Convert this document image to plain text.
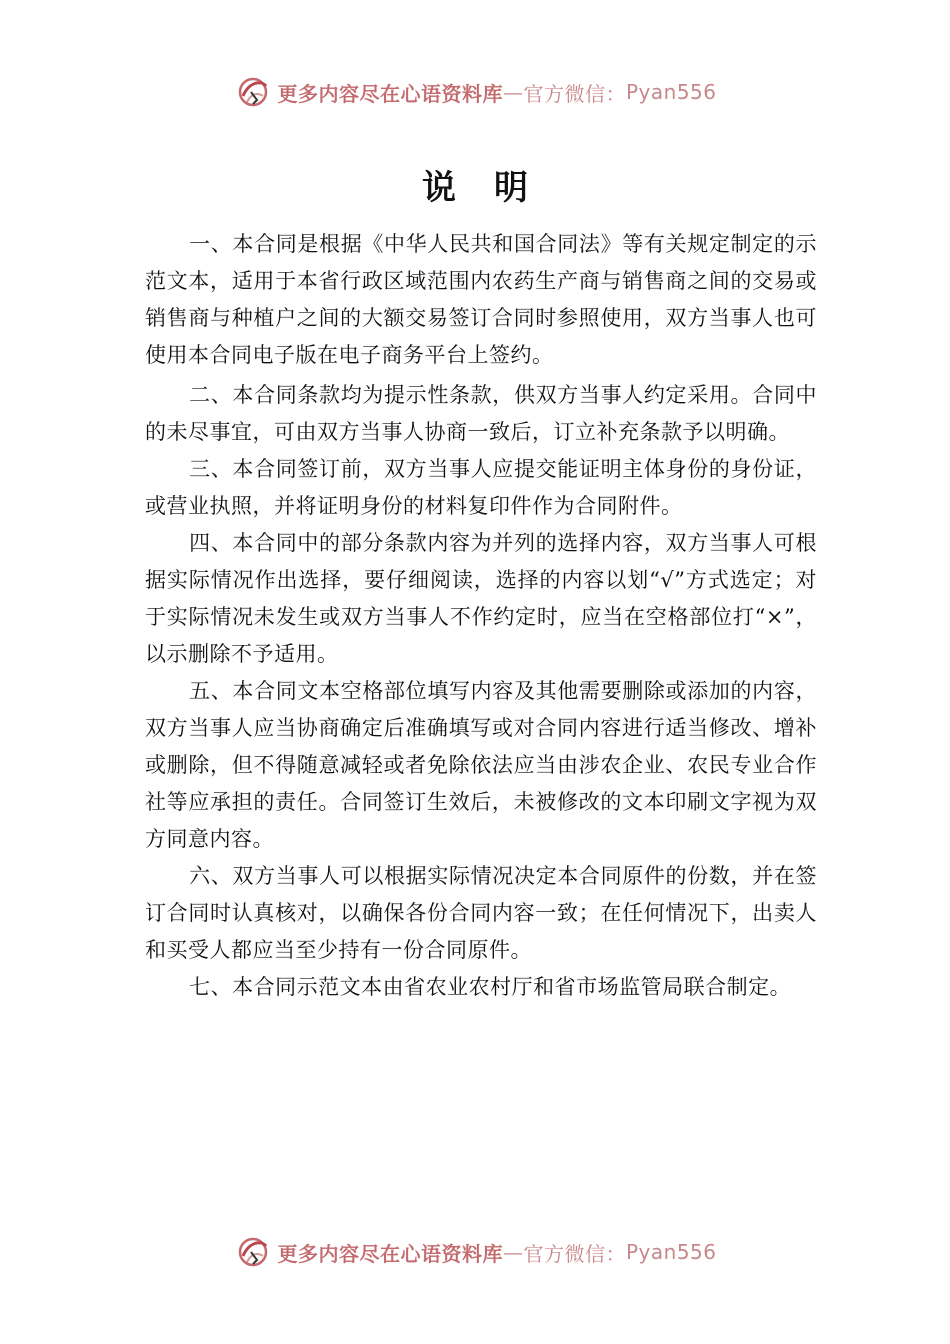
更多内容尽在心语资料库 — 官方微信： Pyan556
说明

一、本合同是根据《中华人民共和国合同法》等有关规定制定的示范文本，适用于本省行政区域范围内农药生产商与销售商之间的交易或销售商与种植户之间的大额交易签订合同时参照使用，双方当事人也可使用本合同电子版在电子商务平台上签约。

二、本合同条款均为提示性条款，供双方当事人约定采用。合同中的未尽事宜，可由双方当事人协商一致后，订立补充条款予以明确。

三、本合同签订前，双方当事人应提交能证明主体身份的身份证，或营业执照，并将证明身份的材料复印件作为合同附件。

四、本合同中的部分条款内容为并列的选择内容，双方当事人可根据实际情况作出选择，要仔细阅读，选择的内容以划“√”方式选定；对于实际情况未发生或双方当事人不作约定时，应当在空格部位打“×”，以示删除不予适用。

五、本合同文本空格部位填写内容及其他需要删除或添加的内容，双方当事人应当协商确定后准确填写或对合同内容进行适当修改、增补或删除，但不得随意减轻或者免除依法应当由涉农企业、农民专业合作社等应承担的责任。合同签订生效后，未被修改的文本印刷文字视为双方同意内容。

六、双方当事人可以根据实际情况决定本合同原件的份数，并在签订合同时认真核对，以确保各份合同内容一致；在任何情况下，出卖人和买受人都应当至少持有一份合同原件。

七、本合同示范文本由省农业农村厅和省市场监管局联合制定。

更多内容尽在心语资料库 — 官方微信： Pyan556
